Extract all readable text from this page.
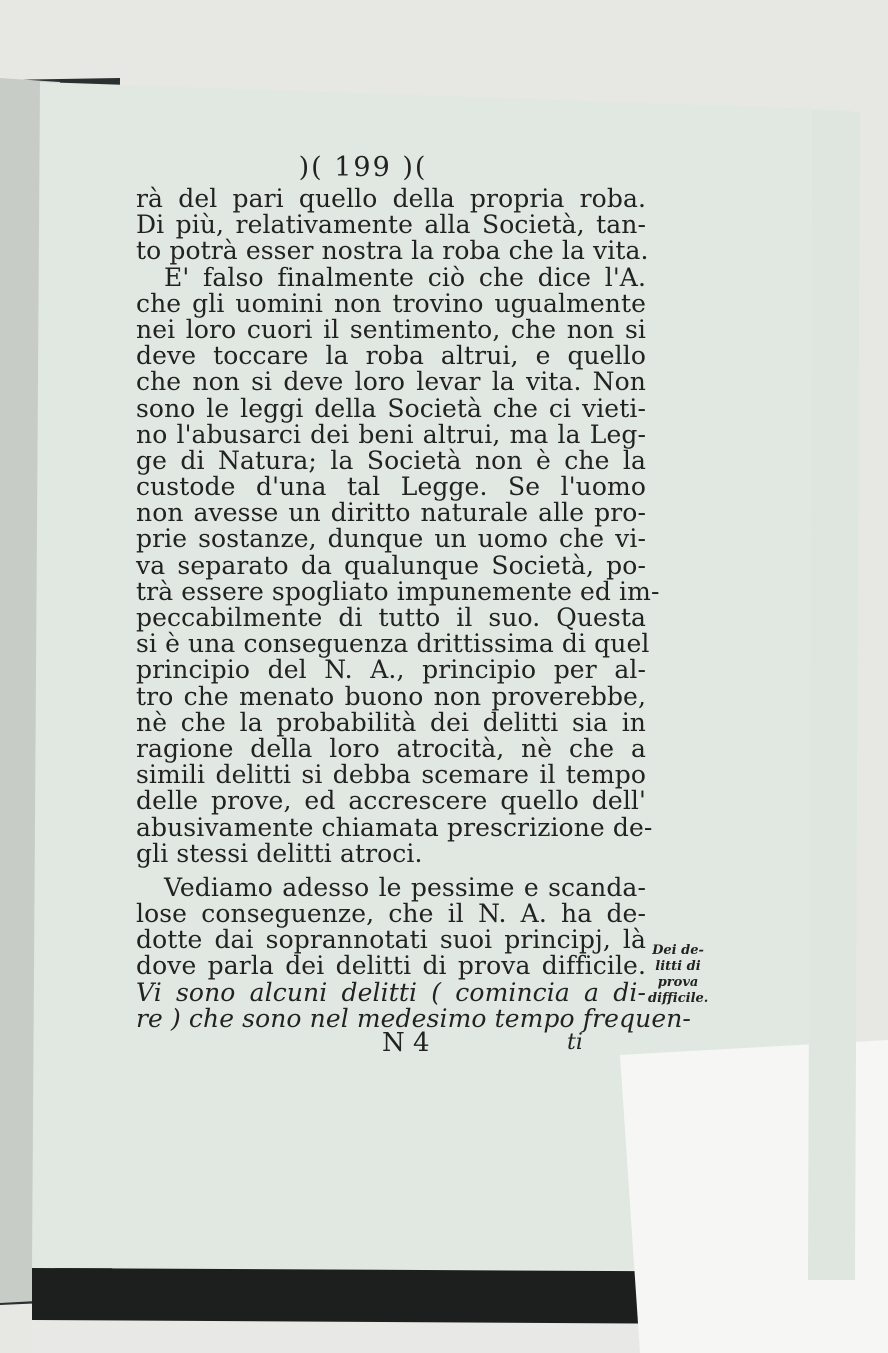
)( 199 )(
rà del pari quello della propria roba.
Di più, relativamente alla Società, tan-
to potrà esser nostra la roba che la vita.
E' falso finalmente ciò che dice l'A.
che gli uomini non trovino ugualmente
nei loro cuori il sentimento, che non si
deve toccare la roba altrui, e quello
che non si deve loro levar la vita. Non
sono le leggi della Società che ci vieti-
no l'abusarci dei beni altrui, ma la Leg-
ge di Natura; la Società non è che la
custode d'una tal Legge. Se l'uomo
non avesse un diritto naturale alle pro-
prie sostanze, dunque un uomo che vi-
va separato da qualunque Società, po-
trà essere spogliato impunemente ed im-
peccabilmente di tutto il suo. Questa
si è una conseguenza drittissima di quel
principio del N. A., principio per al-
tro che menato buono non proverebbe,
nè che la probabilità dei delitti sia in
ragione della loro atrocità, nè che a
simili delitti si debba scemare il tempo
delle prove, ed accrescere quello dell'
abusivamente chiamata prescrizione de-
gli stessi delitti atroci.
Vediamo adesso le pessime e scanda-
lose conseguenze, che il N. A. ha de-
dotte dai soprannotati suoi principj, là
dove parla dei delitti di prova difficile.
Vi sono alcuni delitti ( comincia a di-
re ) che sono nel medesimo tempo frequen-
Dei de-
litti di
prova
difficile.
N 4	ti
